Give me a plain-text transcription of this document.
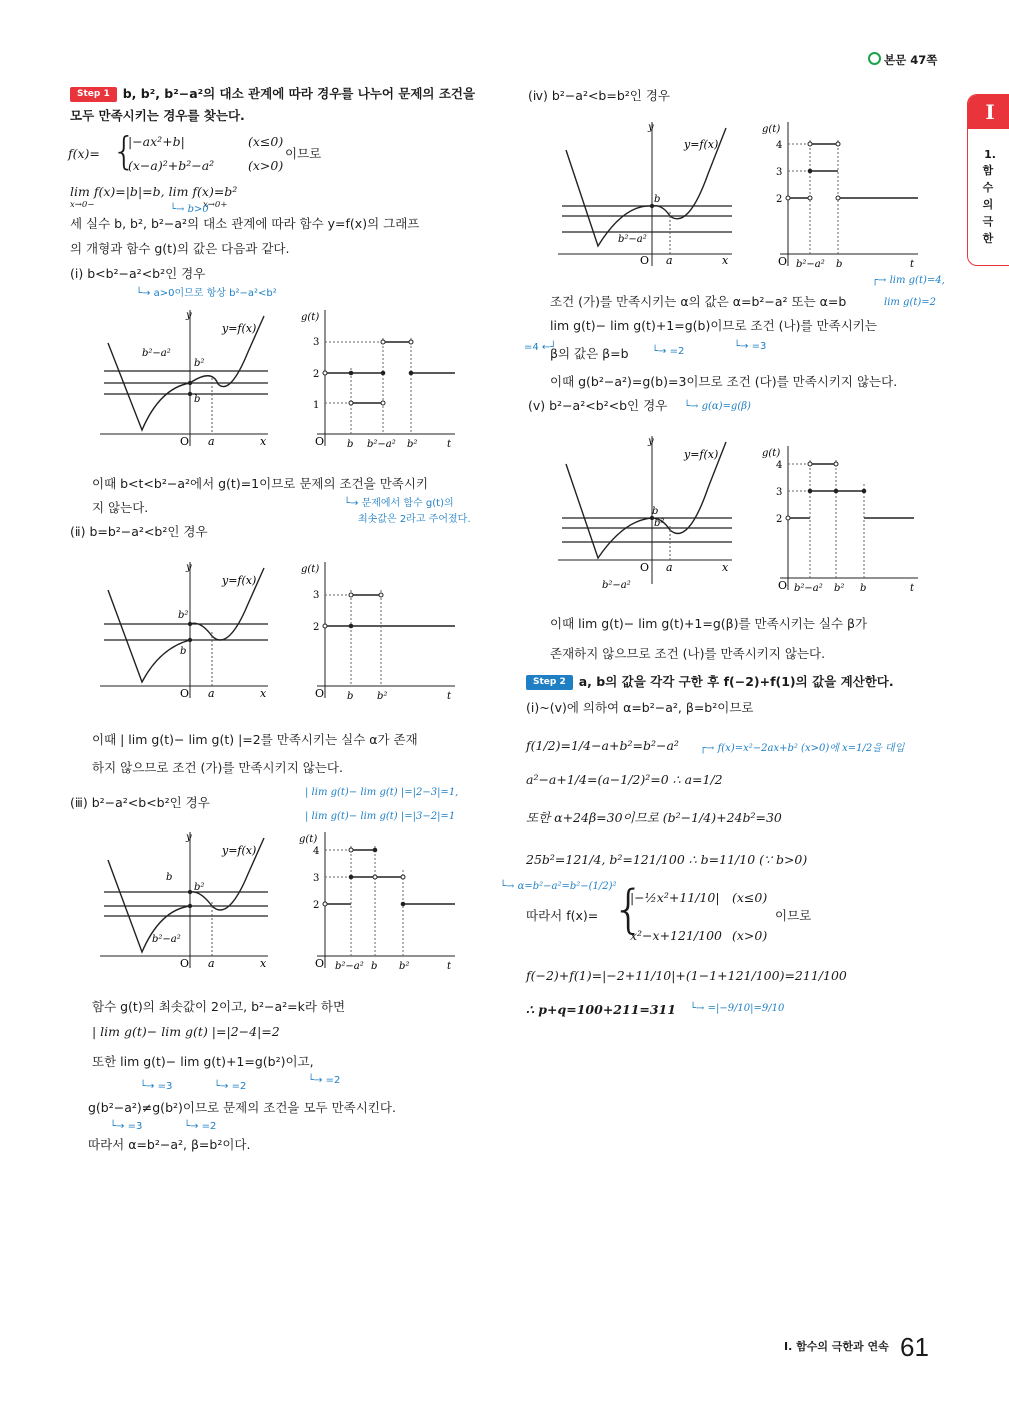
본문 47쪽
I
1.

함수의극한
Step 1 b, b², b²−a²의 대소 관계에 따라 경우를 나누어 문제의 조건을
모두 만족시키는 경우를 찾는다.
f(x)= {
|−ax²+b|	(x≤0)
(x−a)²+b²−a²	(x>0)
이므로
lim f(x)=|b|=b, lim f(x)=b²
x→0−	x→0+
└→ b>0
세 실수 b, b², b²−a²의 대소 관계에 따라 함수 y=f(x)의 그래프
의 개형과 함수 g(t)의 값은 다음과 같다.
(ⅰ) b<b²−a²<b²인 경우
└→ a>0이므로 항상 b²−a²<b²
y
y=f(x)
b²−a²
b²
b
O a	x
g(t)
3
2
1
O b b²−a² b²	t
이때 b<t<b²−a²에서 g(t)=1이므로 문제의 조건을 만족시키
지 않는다.	└→ 문제에서 함수 g(t)의
최솟값은 2라고 주어졌다.
(ⅱ) b=b²−a²<b²인 경우
y
y=f(x)
b²
b
O a	x
g(t)
3
2
O b b²	t
이때 | lim g(t)− lim g(t) |=2를 만족시키는 실수 α가 존재
하지 않으므로 조건 (가)를 만족시키지 않는다.
| lim g(t)− lim g(t) |=|2−3|=1,
| lim g(t)− lim g(t) |=|3−2|=1
(ⅲ) b²−a²<b<b²인 경우
y
y=f(x)
b
b²
b²−a²
O a	x
g(t)
4
3
2
O b²−a² b b²	t
함수 g(t)의 최솟값이 2이고, b²−a²=k라 하면
| lim g(t)− lim g(t) |=|2−4|=2
또한 lim g(t)− lim g(t)+1=g(b²)이고,
└→ =3	└→ =2
└→ =2
g(b²−a²)≠g(b²)이므로 문제의 조건을 모두 만족시킨다.
└→ =3	└→ =2
따라서 α=b²−a², β=b²이다.
(ⅳ) b²−a²<b=b²인 경우
y
y=f(x)
b
b²−a²
O a	x
g(t)
4
3
2
O b²−a² b	t
┌→ lim g(t)=4,
조건 (가)를 만족시키는 α의 값은 α=b²−a² 또는 α=b	lim g(t)=2
lim g(t)− lim g(t)+1=g(b)이므로 조건 (나)를 만족시키는
=4 ←┘	└→ =2	└→ =3
β의 값은 β=b
이때 g(b²−a²)=g(b)=3이므로 조건 (다)를 만족시키지 않는다.
(ⅴ) b²−a²<b²<b인 경우 └→ g(α)=g(β)
y
y=f(x)
b
b²
b²−a²
O a	x
g(t)
4
3
2
O b²−a² b² b	t
이때 lim g(t)− lim g(t)+1=g(β)를 만족시키는 실수 β가
존재하지 않으므로 조건 (나)를 만족시키지 않는다.
Step 2 a, b의 값을 각각 구한 후 f(−2)+f(1)의 값을 계산한다.
(ⅰ)~(ⅴ)에 의하여 α=b²−a², β=b²이므로
f(1/2)=1/4−a+b²=b²−a² ┌→ f(x)=x²−2ax+b² (x>0)에 x=1/2을 대입
a²−a+1/4=(a−1/2)²=0 ∴ a=1/2
또한 α+24β=30이므로 (b²−1/4)+24b²=30
25b²=121/4, b²=121/100 ∴ b=11/10 (∵ b>0)
└→ α=b²−a²=b²−(1/2)²
따라서 f(x)= {
|−½x²+11/10| (x≤0)
x²−x+121/100 (x>0)
이므로
f(−2)+f(1)=|−2+11/10|+(1−1+121/100)=211/100
∴ p+q=100+211=311 └→ =|−9/10|=9/10
Ⅰ. 함수의 극한과 연속 61
